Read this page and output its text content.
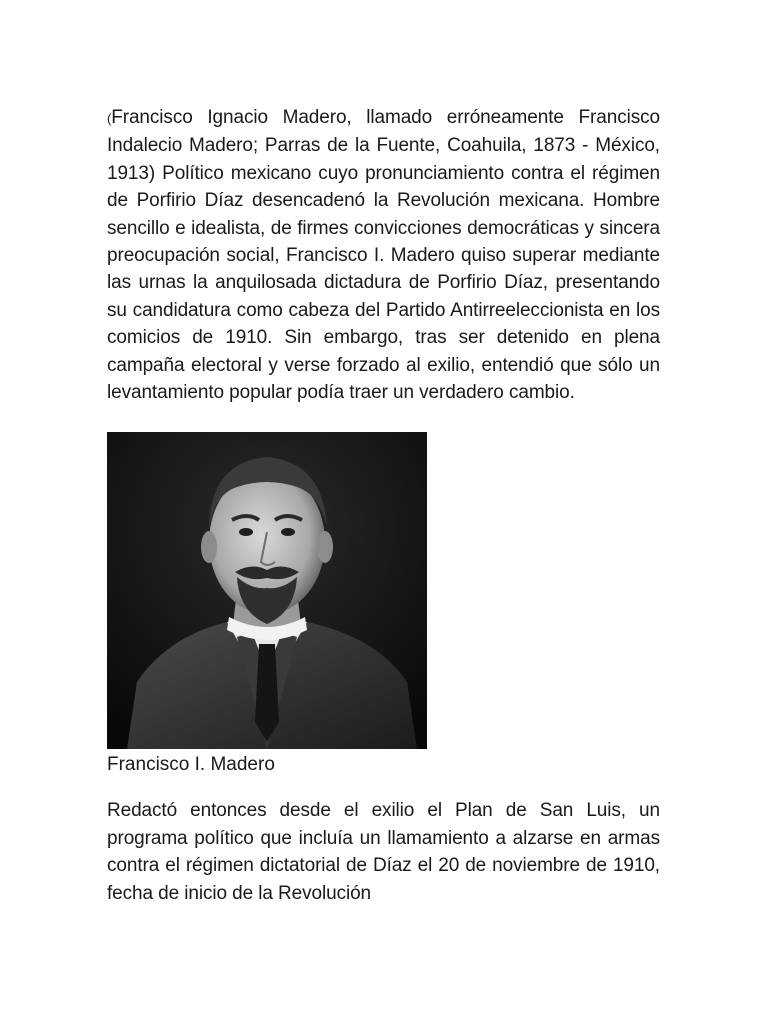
(Francisco Ignacio Madero, llamado erróneamente Francisco Indalecio Madero; Parras de la Fuente, Coahuila, 1873 - México, 1913) Político mexicano cuyo pronunciamiento contra el régimen de Porfirio Díaz desencadenó la Revolución mexicana. Hombre sencillo e idealista, de firmes convicciones democráticas y sincera preocupación social, Francisco I. Madero quiso superar mediante las urnas la anquilosada dictadura de Porfirio Díaz, presentando su candidatura como cabeza del Partido Antirreeleccionista en los comicios de 1910. Sin embargo, tras ser detenido en plena campaña electoral y verse forzado al exilio, entendió que sólo un levantamiento popular podía traer un verdadero cambio.

Francisco I. Madero

Redactó entonces desde el exilio el Plan de San Luis, un programa político que incluía un llamamiento a alzarse en armas contra el régimen dictatorial de Díaz el 20 de noviembre de 1910, fecha de inicio de la Revolución
